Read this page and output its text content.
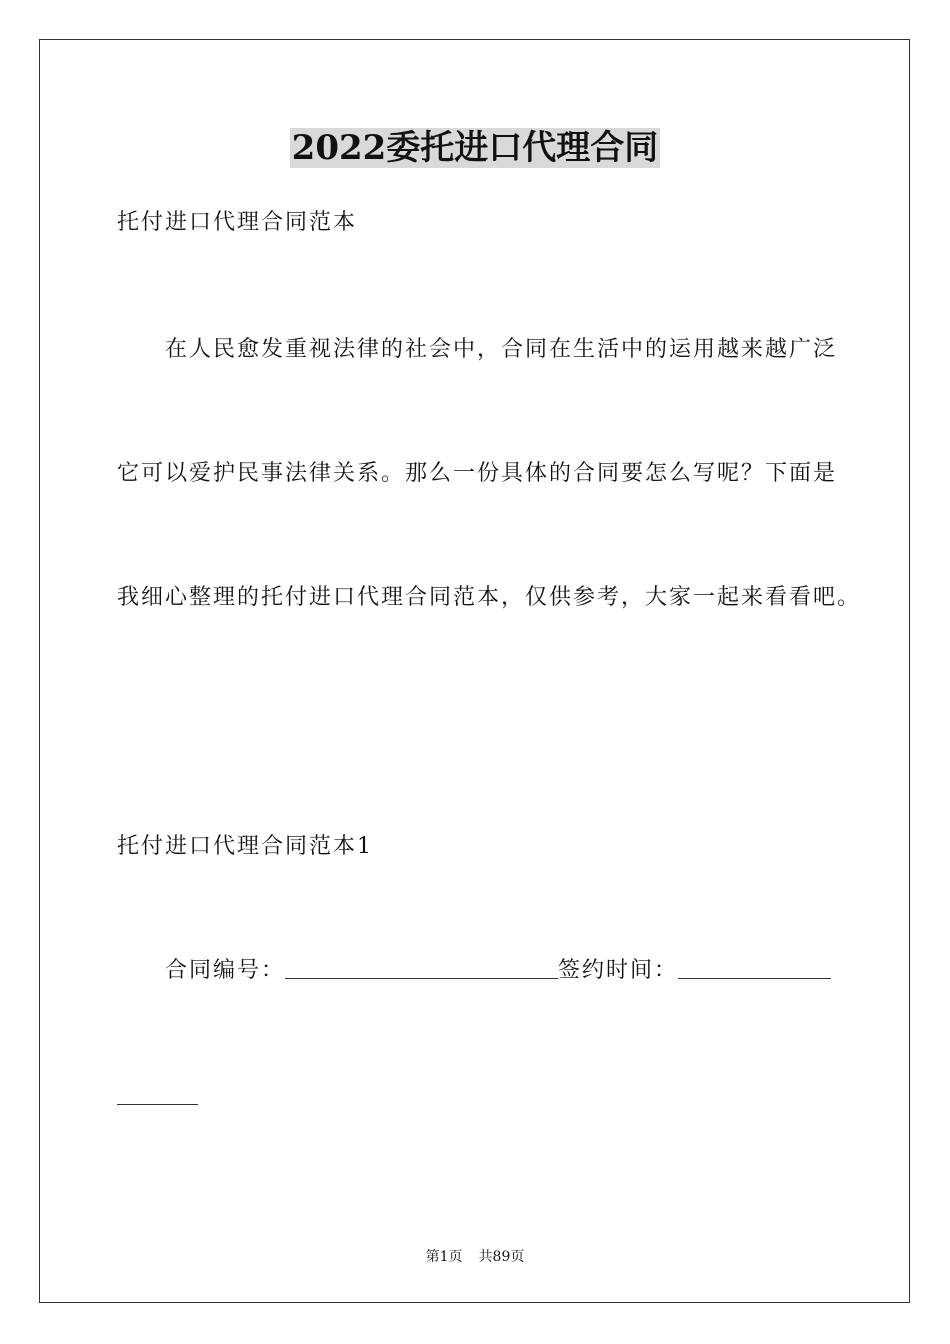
2022委托进口代理合同
托付进口代理合同范本
在人民愈发重视法律的社会中，合同在生活中的运用越来越广泛
它可以爱护民事法律关系。那么一份具体的合同要怎么写呢？下面是
我细心整理的托付进口代理合同范本，仅供参考，大家一起来看看吧。
托付进口代理合同范本1
合同编号：	签约时间：
第1页 共89页
